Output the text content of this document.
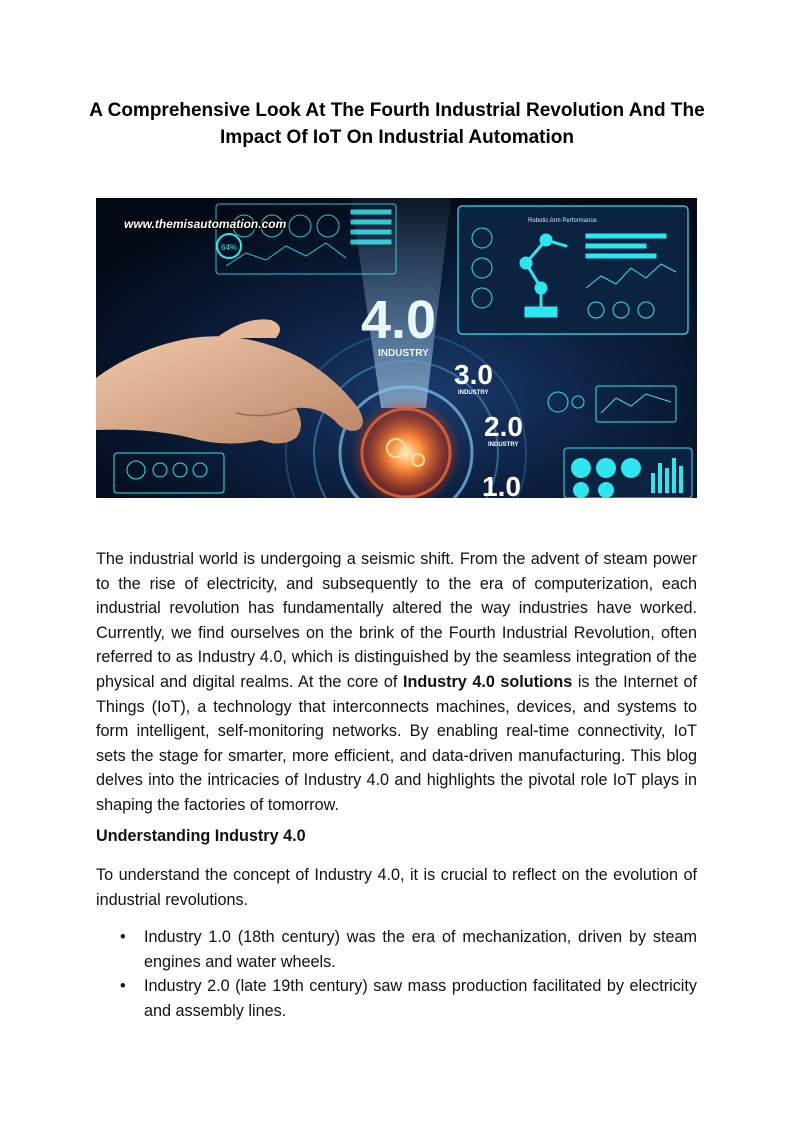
A Comprehensive Look At The Fourth Industrial Revolution And The Impact Of IoT On Industrial Automation
64%
Robotic Arm Performance
4.0
INDUSTRY
3.0
INDUSTRY
2.0
INDUSTRY
1.0
www.themisautomation.com

The industrial world is undergoing a seismic shift. From the advent of steam power to the rise of electricity, and subsequently to the era of computerization, each industrial revolution has fundamentally altered the way industries have worked. Currently, we find ourselves on the brink of the Fourth Industrial Revolution, often referred to as Industry 4.0, which is distinguished by the seamless integration of the physical and digital realms. At the core of Industry 4.0 solutions is the Internet of Things (IoT), a technology that interconnects machines, devices, and systems to form intelligent, self-monitoring networks. By enabling real-time connectivity, IoT sets the stage for smarter, more efficient, and data-driven manufacturing. This blog delves into the intricacies of Industry 4.0 and highlights the pivotal role IoT plays in shaping the factories of tomorrow.

Understanding Industry 4.0

To understand the concept of Industry 4.0, it is crucial to reflect on the evolution of industrial revolutions.

• Industry 1.0 (18th century) was the era of mechanization, driven by steam engines and water wheels.
• Industry 2.0 (late 19th century) saw mass production facilitated by electricity and assembly lines.
